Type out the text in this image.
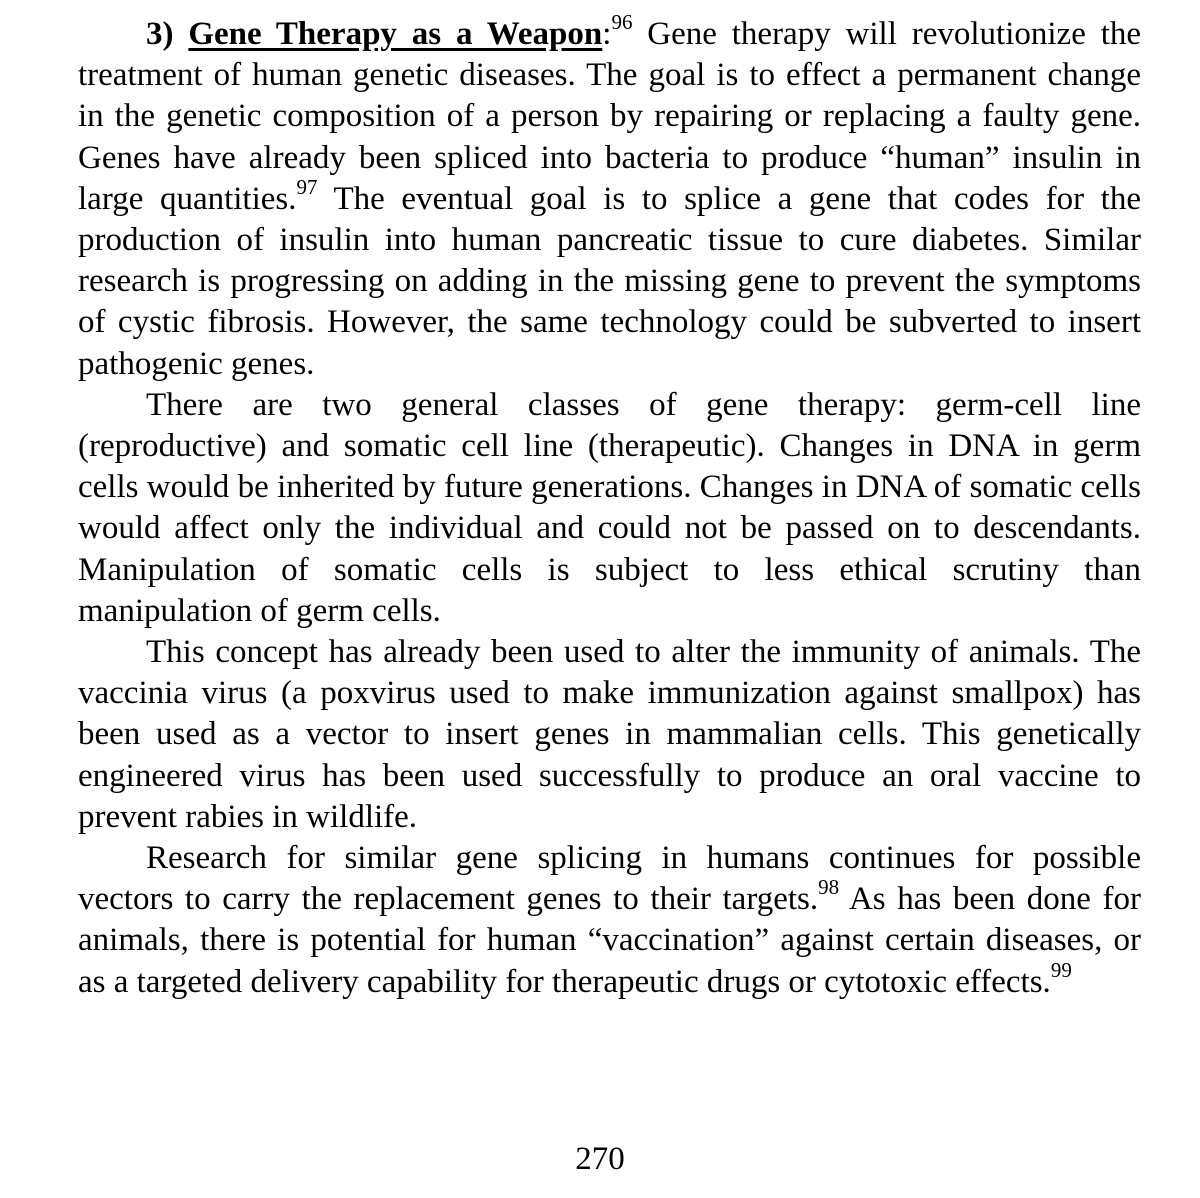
3) Gene Therapy as a Weapon:$^{96}$ Gene therapy will revolutionize the treatment of human genetic diseases. The goal is to effect a permanent change in the genetic composition of a person by repairing or replacing a faulty gene. Genes have already been spliced into bacteria to produce “human” insulin in large quantities.$^{97}$ The eventual goal is to splice a gene that codes for the production of insulin into human pancreatic tissue to cure diabetes. Similar research is progressing on adding in the missing gene to prevent the symptoms of cystic fibrosis. However, the same technology could be subverted to insert pathogenic genes.

There are two general classes of gene therapy: germ-cell line (reproductive) and somatic cell line (therapeutic). Changes in DNA in germ cells would be inherited by future generations. Changes in DNA of somatic cells would affect only the individual and could not be passed on to descendants. Manipulation of somatic cells is subject to less ethical scrutiny than manipulation of germ cells.

This concept has already been used to alter the immunity of animals. The vaccinia virus (a poxvirus used to make immunization against smallpox) has been used as a vector to insert genes in mammalian cells. This genetically engineered virus has been used successfully to produce an oral vaccine to prevent rabies in wildlife.

Research for similar gene splicing in humans continues for possible vectors to carry the replacement genes to their targets.$^{98}$ As has been done for animals, there is potential for human “vaccination” against certain diseases, or as a targeted delivery capability for therapeutic drugs or cytotoxic effects.$^{99}$

270
